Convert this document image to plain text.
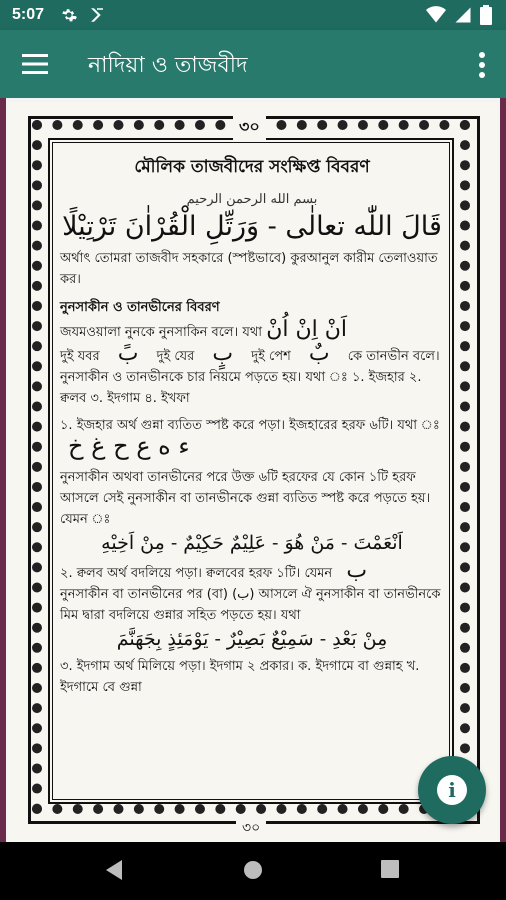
5:07
নাদিয়া ও তাজবীদ
৩০
৩০
মৌলিক তাজবীদের সংক্ষিপ্ত বিবরণ
بسم الله الرحمن الرحيم
قَالَ اللّٰه تعالٰى - وَرَتِّلِ الْقُرْاٰنَ تَرْتِيْلًا
অর্থাৎ তোমরা তাজবীদ সহকারে (স্পষ্টভাবে) কুরআনুল কারীম তেলাওয়াত কর।
নুনসাকীন ও তানভীনের বিবরণ
জযমওয়ালা নুনকে নুনসাকিন বলে। যথা اَنْ اِنْ اُنْ
দুই যবর بً দুই যের بٍ দুই পেশ بٌ কে তানভীন বলে।
নুনসাকীন ও তানভীনকে চার নিয়মে পড়তে হয়। যথা ঃ ১. ইজহার ২. ক্বলব ৩. ইদগাম ৪. ইখফা
১. ইজহার অর্থ গুন্না ব্যতিত স্পষ্ট করে পড়া। ইজহারের হরফ ৬টি। যথা ঃ ء ه ع ح غ خ
নুনসাকীন অথবা তানভীনের পরে উক্ত ৬টি হরফের যে কোন ১টি হরফ আসলে সেই নুনসাকীন বা তানভীনকে গুন্না ব্যতিত স্পষ্ট করে পড়তে হয়। যেমন ঃ
اَنْعَمْتَ - مَنْ هُوَ - عَلِيْمٌ حَكِيْمٌ - مِنْ اَخِيْهِ
২. ক্বলব অর্থ বদলিয়ে পড়া। ক্বলবের হরফ ১টি। যেমন ب
নুনসাকীন বা তানভীনের পর (বা) (ب) আসলে ঐ নুনসাকীন বা তানভীনকে মিম দ্বারা বদলিয়ে গুন্নার সহিত পড়তে হয়। যথা
مِنْ بَعْدِ - سَمِيْعٌ بَصِيْرٌ - يَوْمَئِذٍ بِجَهَنَّمَ
৩. ইদগাম অর্থ মিলিয়ে পড়া। ইদগাম ২ প্রকার। ক. ইদগামে বা গুন্নাহ খ. ইদগামে বে গুন্না
i
